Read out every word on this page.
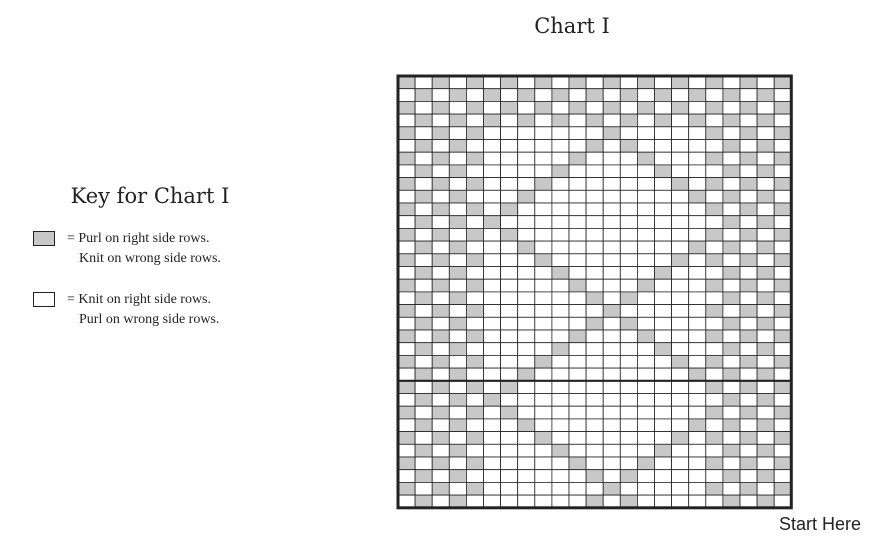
Chart I
Key for Chart I
= Purl on right side rows.
Knit on wrong side rows.
= Knit on right side rows.
Purl on wrong side rows.
Start Here
